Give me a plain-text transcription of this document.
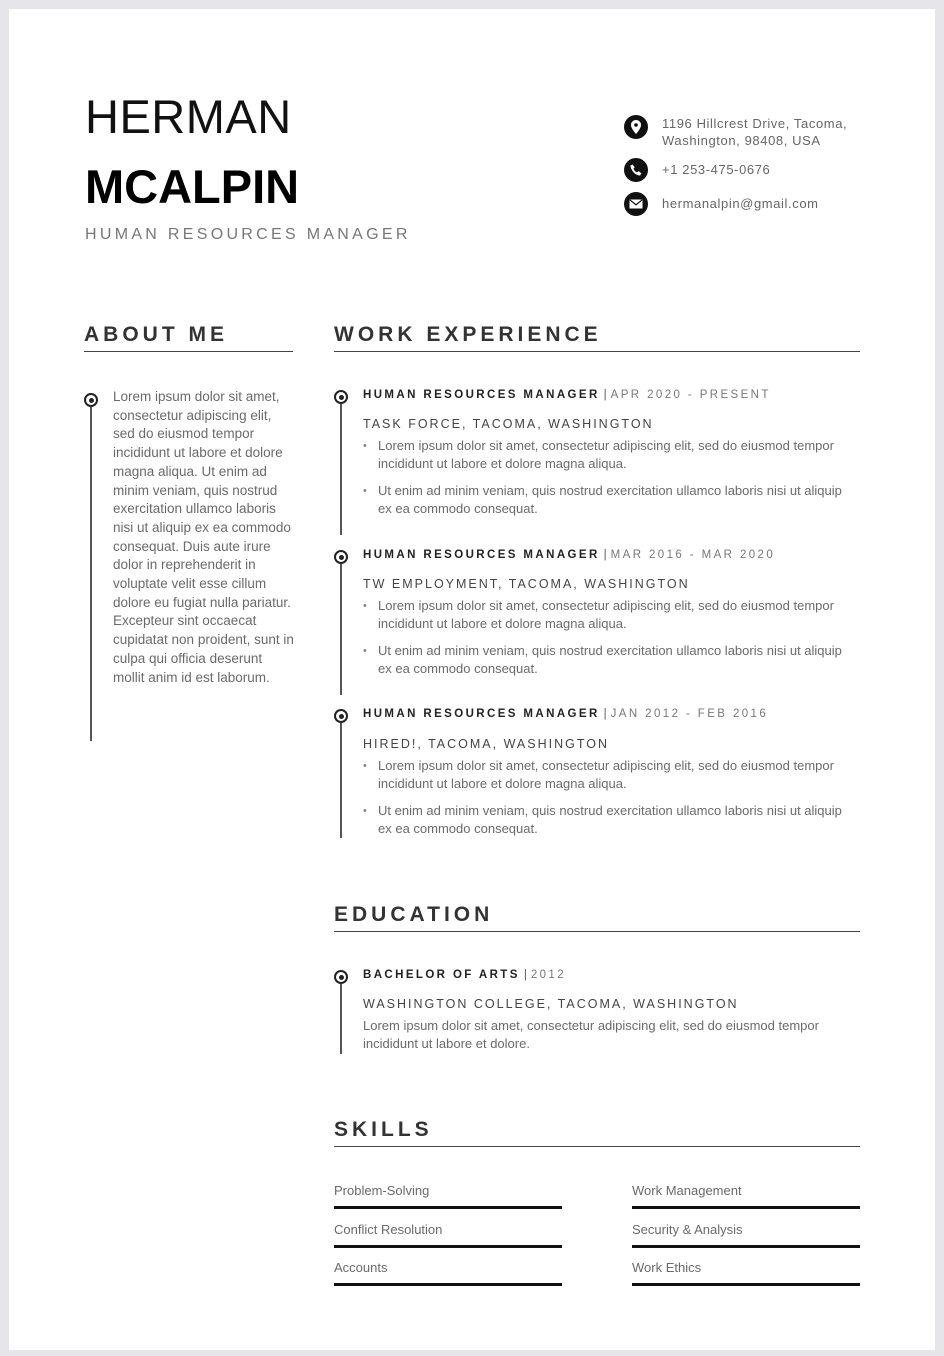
HERMAN
MCALPIN
HUMAN RESOURCES MANAGER
1196 Hillcrest Drive, Tacoma, Washington, 98408, USA
+1 253-475-0676
hermanalpin@gmail.com
ABOUT ME
Lorem ipsum dolor sit amet, consectetur adipiscing elit, sed do eiusmod tempor incididunt ut labore et dolore magna aliqua. Ut enim ad minim veniam, quis nostrud exercitation ullamco laboris nisi ut aliquip ex ea commodo consequat. Duis aute irure dolor in reprehenderit in voluptate velit esse cillum dolore eu fugiat nulla pariatur. Excepteur sint occaecat cupidatat non proident, sunt in culpa qui officia deserunt mollit anim id est laborum.
WORK EXPERIENCE
HUMAN RESOURCES MANAGER | APR 2020 - PRESENT
TASK FORCE, TACOMA, WASHINGTON
• Lorem ipsum dolor sit amet, consectetur adipiscing elit, sed do eiusmod tempor incididunt ut labore et dolore magna aliqua.
• Ut enim ad minim veniam, quis nostrud exercitation ullamco laboris nisi ut aliquip ex ea commodo consequat.
HUMAN RESOURCES MANAGER | MAR 2016 - MAR 2020
TW EMPLOYMENT, TACOMA, WASHINGTON
• Lorem ipsum dolor sit amet, consectetur adipiscing elit, sed do eiusmod tempor incididunt ut labore et dolore magna aliqua.
• Ut enim ad minim veniam, quis nostrud exercitation ullamco laboris nisi ut aliquip ex ea commodo consequat.
HUMAN RESOURCES MANAGER | JAN 2012 - FEB 2016
HIRED!, TACOMA, WASHINGTON
• Lorem ipsum dolor sit amet, consectetur adipiscing elit, sed do eiusmod tempor incididunt ut labore et dolore magna aliqua.
• Ut enim ad minim veniam, quis nostrud exercitation ullamco laboris nisi ut aliquip ex ea commodo consequat.
EDUCATION
BACHELOR OF ARTS | 2012
WASHINGTON COLLEGE, TACOMA, WASHINGTON
Lorem ipsum dolor sit amet, consectetur adipiscing elit, sed do eiusmod tempor incididunt ut labore et dolore.
SKILLS
Problem-Solving	Work Management
Conflict Resolution	Security & Analysis
Accounts	Work Ethics
